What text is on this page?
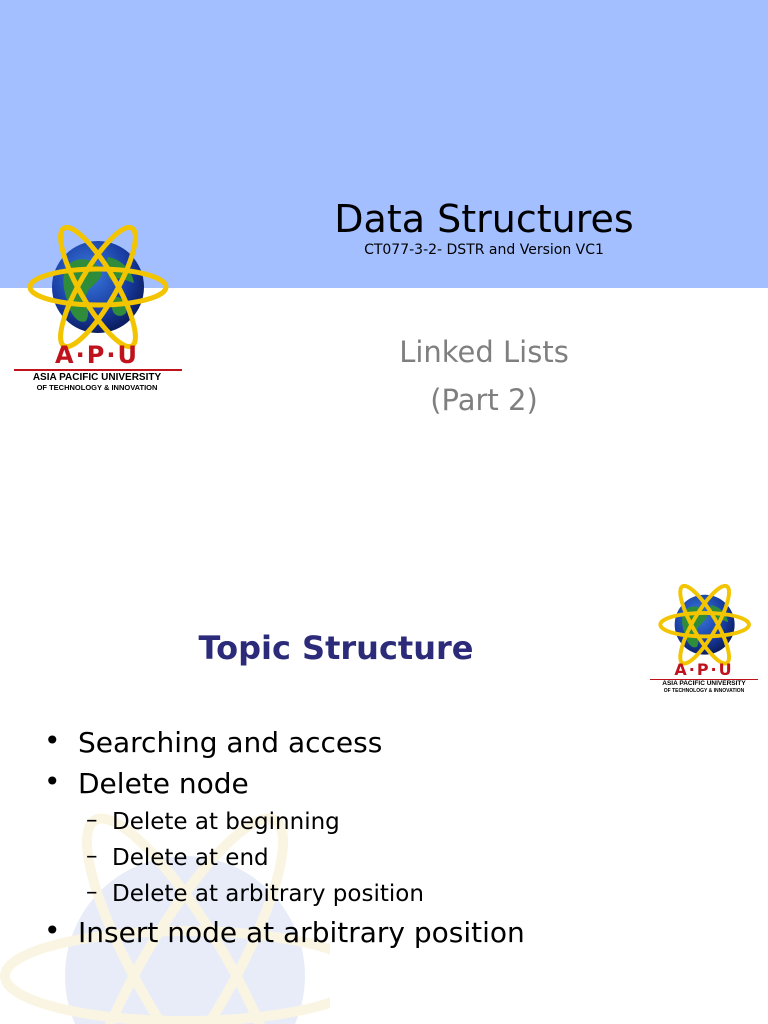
A·P·U
ASIA PACIFIC UNIVERSITY
OF TECHNOLOGY & INNOVATION
Data Structures
CT077-3-2- DSTR and Version VC1
Linked Lists
(Part 2)
A·P·U
ASIA PACIFIC UNIVERSITY
OF TECHNOLOGY & INNOVATION
Topic Structure
• Searching and access
• Delete node
– Delete at beginning
– Delete at end
– Delete at arbitrary position
• Insert node at arbitrary position
